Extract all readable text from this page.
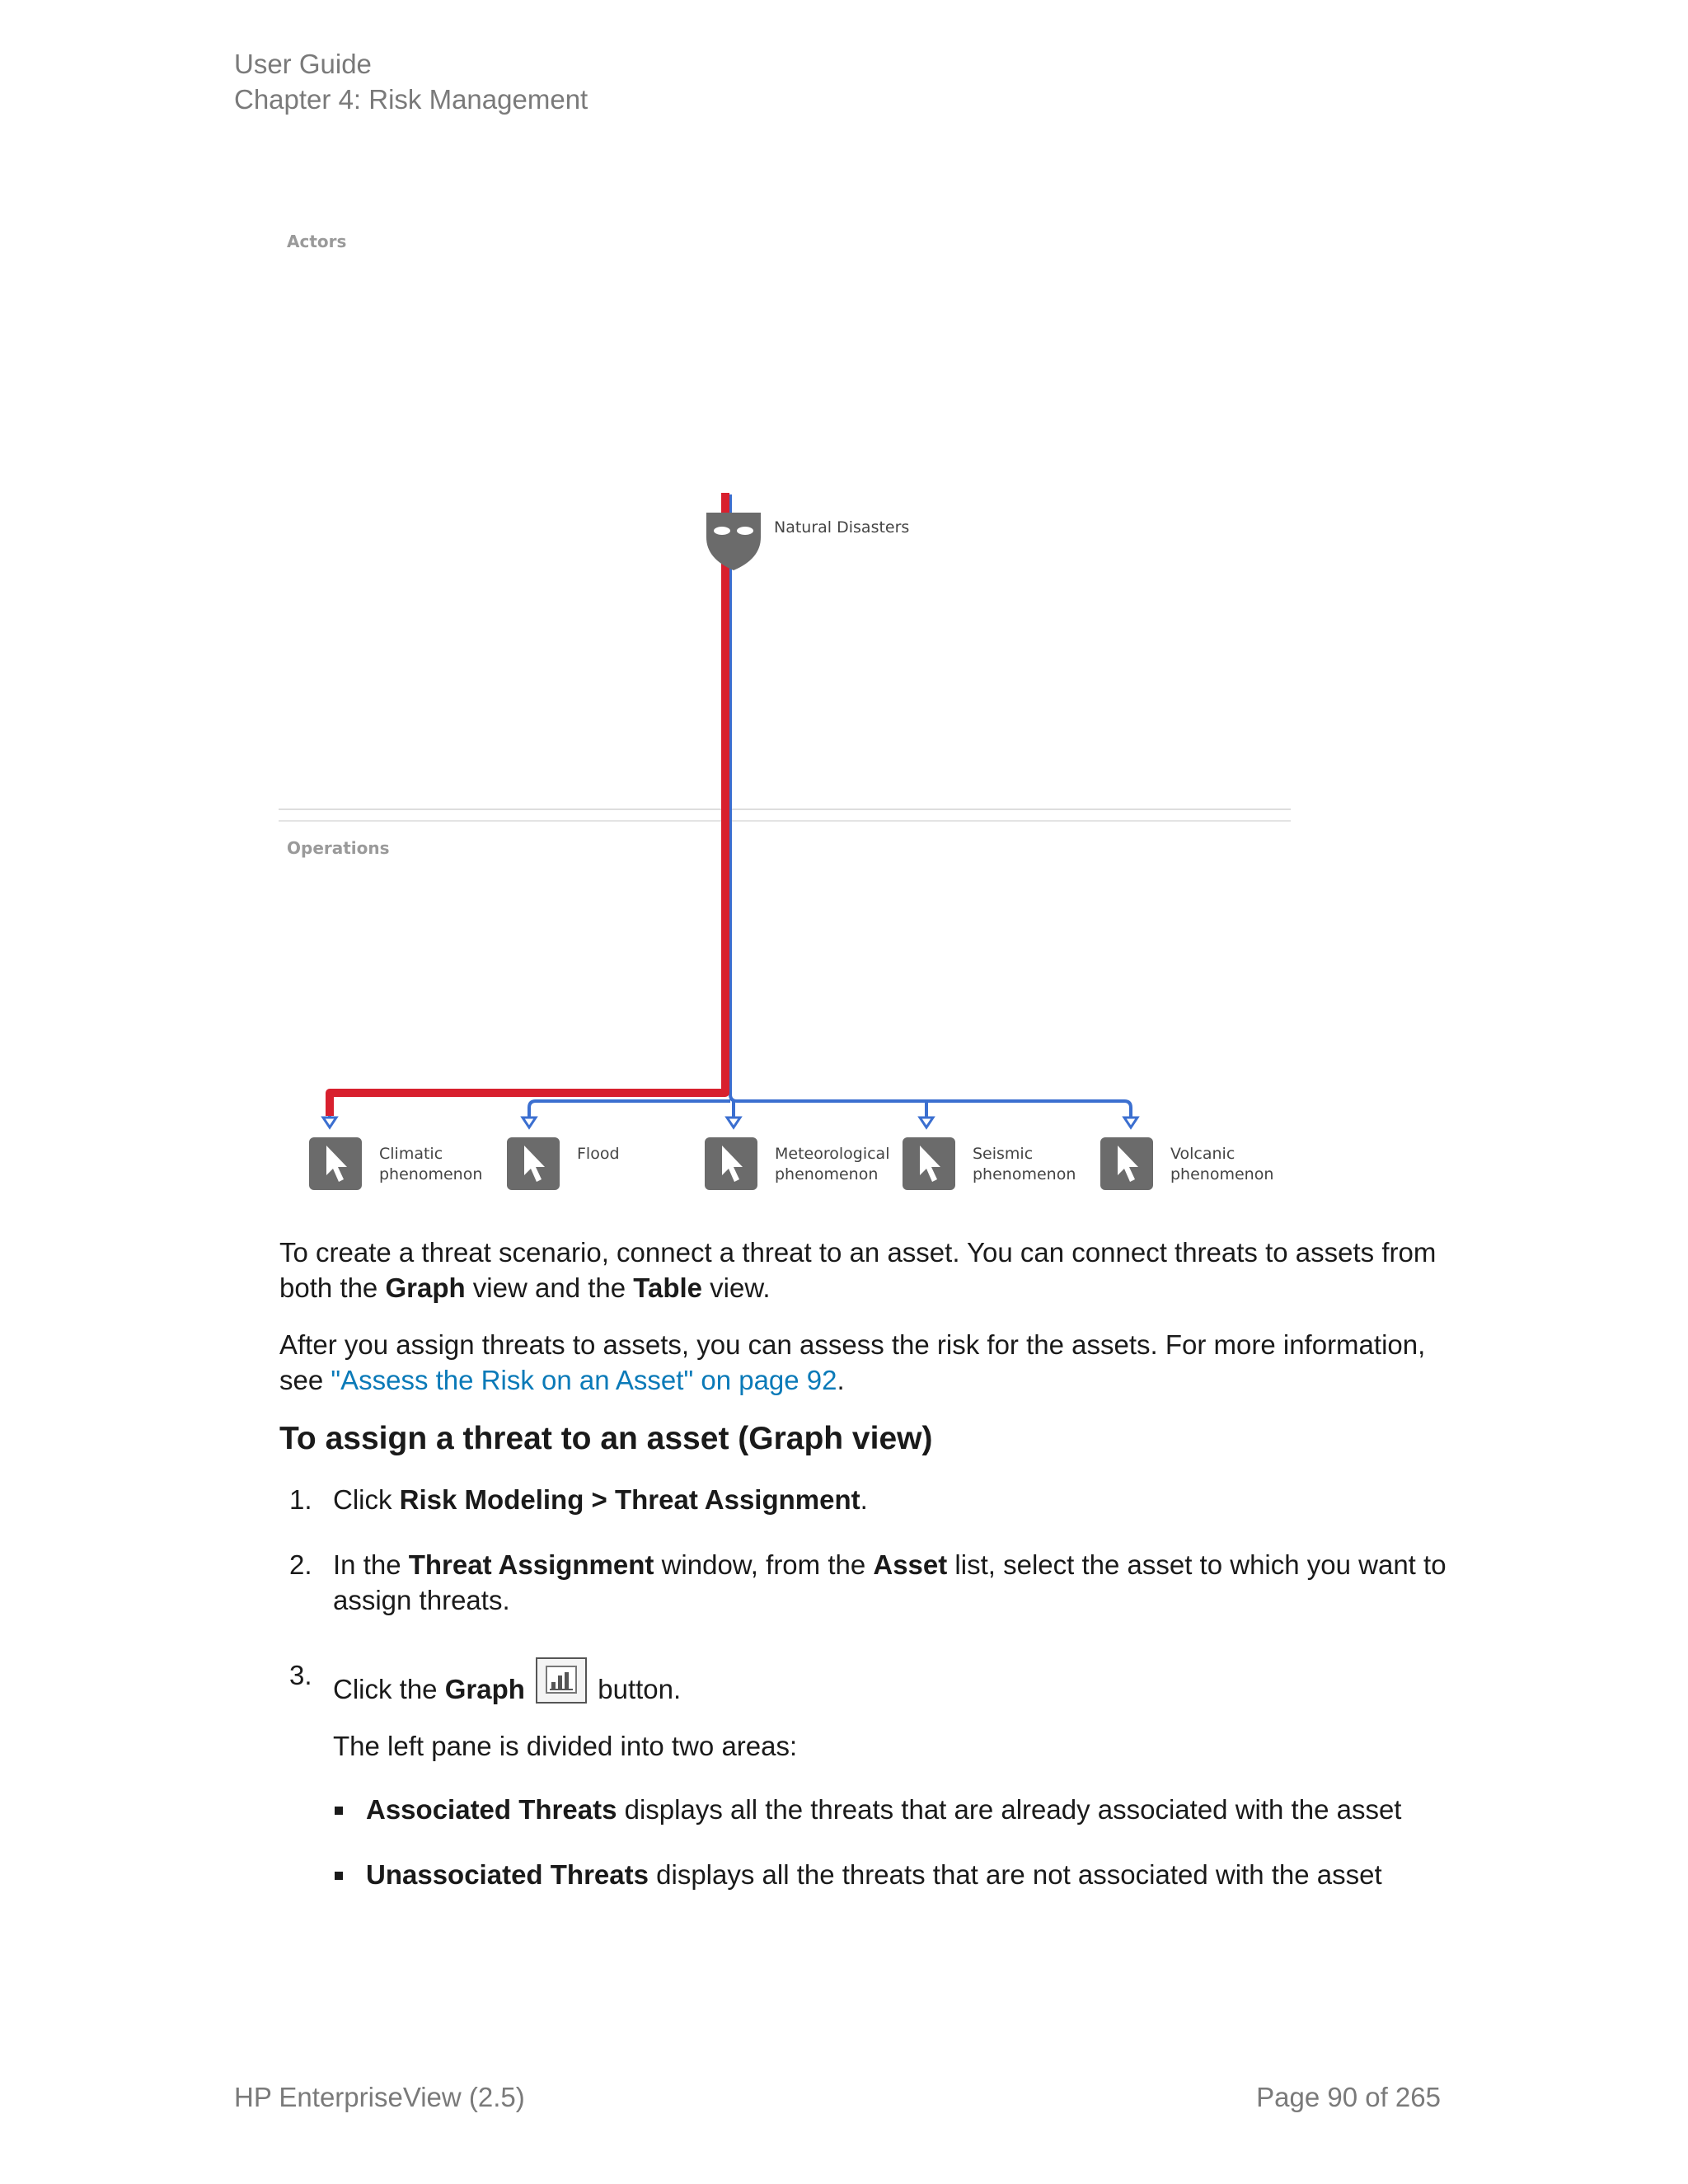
User Guide
Chapter 4: Risk Management
Actors
Operations
Natural Disasters
Climatic
phenomenon
Flood	Meteorological
phenomenon
Seismic
phenomenon
Volcanic
phenomenon

To create a threat scenario, connect a threat to an asset. You can connect threats to assets from both the Graph view and the Table view.

After you assign threats to assets, you can assess the risk for the assets. For more information, see "Assess the Risk on an Asset" on page 92.

To assign a threat to an asset (Graph view)
1. Click Risk Modeling > Threat Assignment.
2. In the Threat Assignment window, from the Asset list, select the asset to which you want to assign threats.
3. Click the Graph
button.
The left pane is divided into two areas:
Associated Threats displays all the threats that are already associated with the asset
Unassociated Threats displays all the threats that are not associated with the asset
HP EnterpriseView (2.5)	Page 90 of 265
